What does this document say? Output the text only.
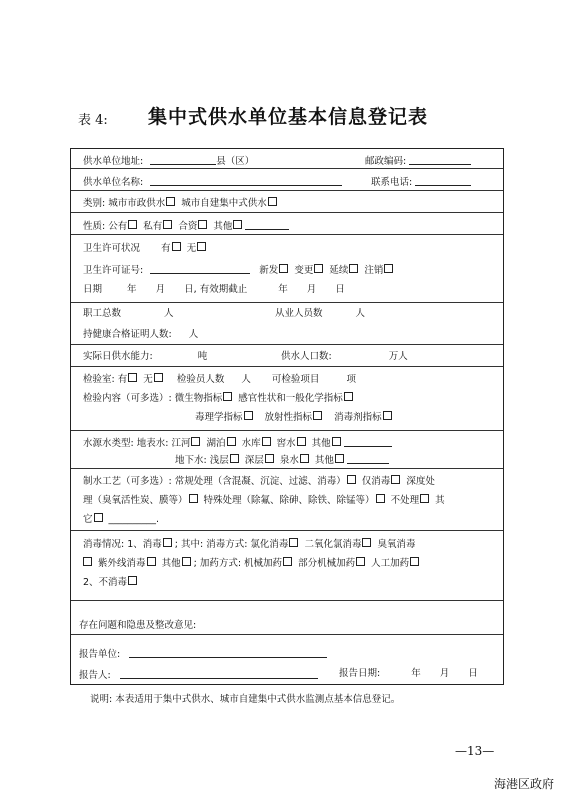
表 4: 集中式供水单位基本信息登记表
供水单位地址:	县（区）	邮政编码:
供水单位名称:	联系电话:
类别: 城市市政供水 城市自建集中式供水
性质: 公有 私有 合资 其他
卫生许可状况 有 无
卫生许可证号:	新发 变更 延续 注销
日期	年 月 日, 有效期截止	年 月 日
职工总数	人	从业人员数	人
持健康合格证明人数: 人
实际日供水能力:	吨	供水人口数:	万人
检验室: 有 无	检验员人数 人 可检验项目	项
检验内容（可多选）: 微生物指标 感官性状和一般化学指标
毒理学指标 放射性指标 消毒剂指标
水源水类型: 地表水: 江河 湖泊 水库 窖水 其他
地下水: 浅层 深层 泉水 其他
制水工艺（可多选）: 常规处理（含混凝、沉淀、过滤、消毒） 仅消毒 深度处
理（臭氧活性炭、膜等） 特殊处理（除氟、除砷、除铁、除锰等） 不处理 其
它 __________.
消毒情况: 1、消毒 ; 其中: 消毒方式: 氯化消毒 二氧化氯消毒 臭氧消毒
紫外线消毒 其他 ; 加药方式: 机械加药 部分机械加药 人工加药
2、不消毒
存在问题和隐患及整改意见:
报告单位:
报告人:	报告日期:	年 月 日
说明: 本表适用于集中式供水、城市自建集中式供水监测点基本信息登记。
—13—
海港区政府
